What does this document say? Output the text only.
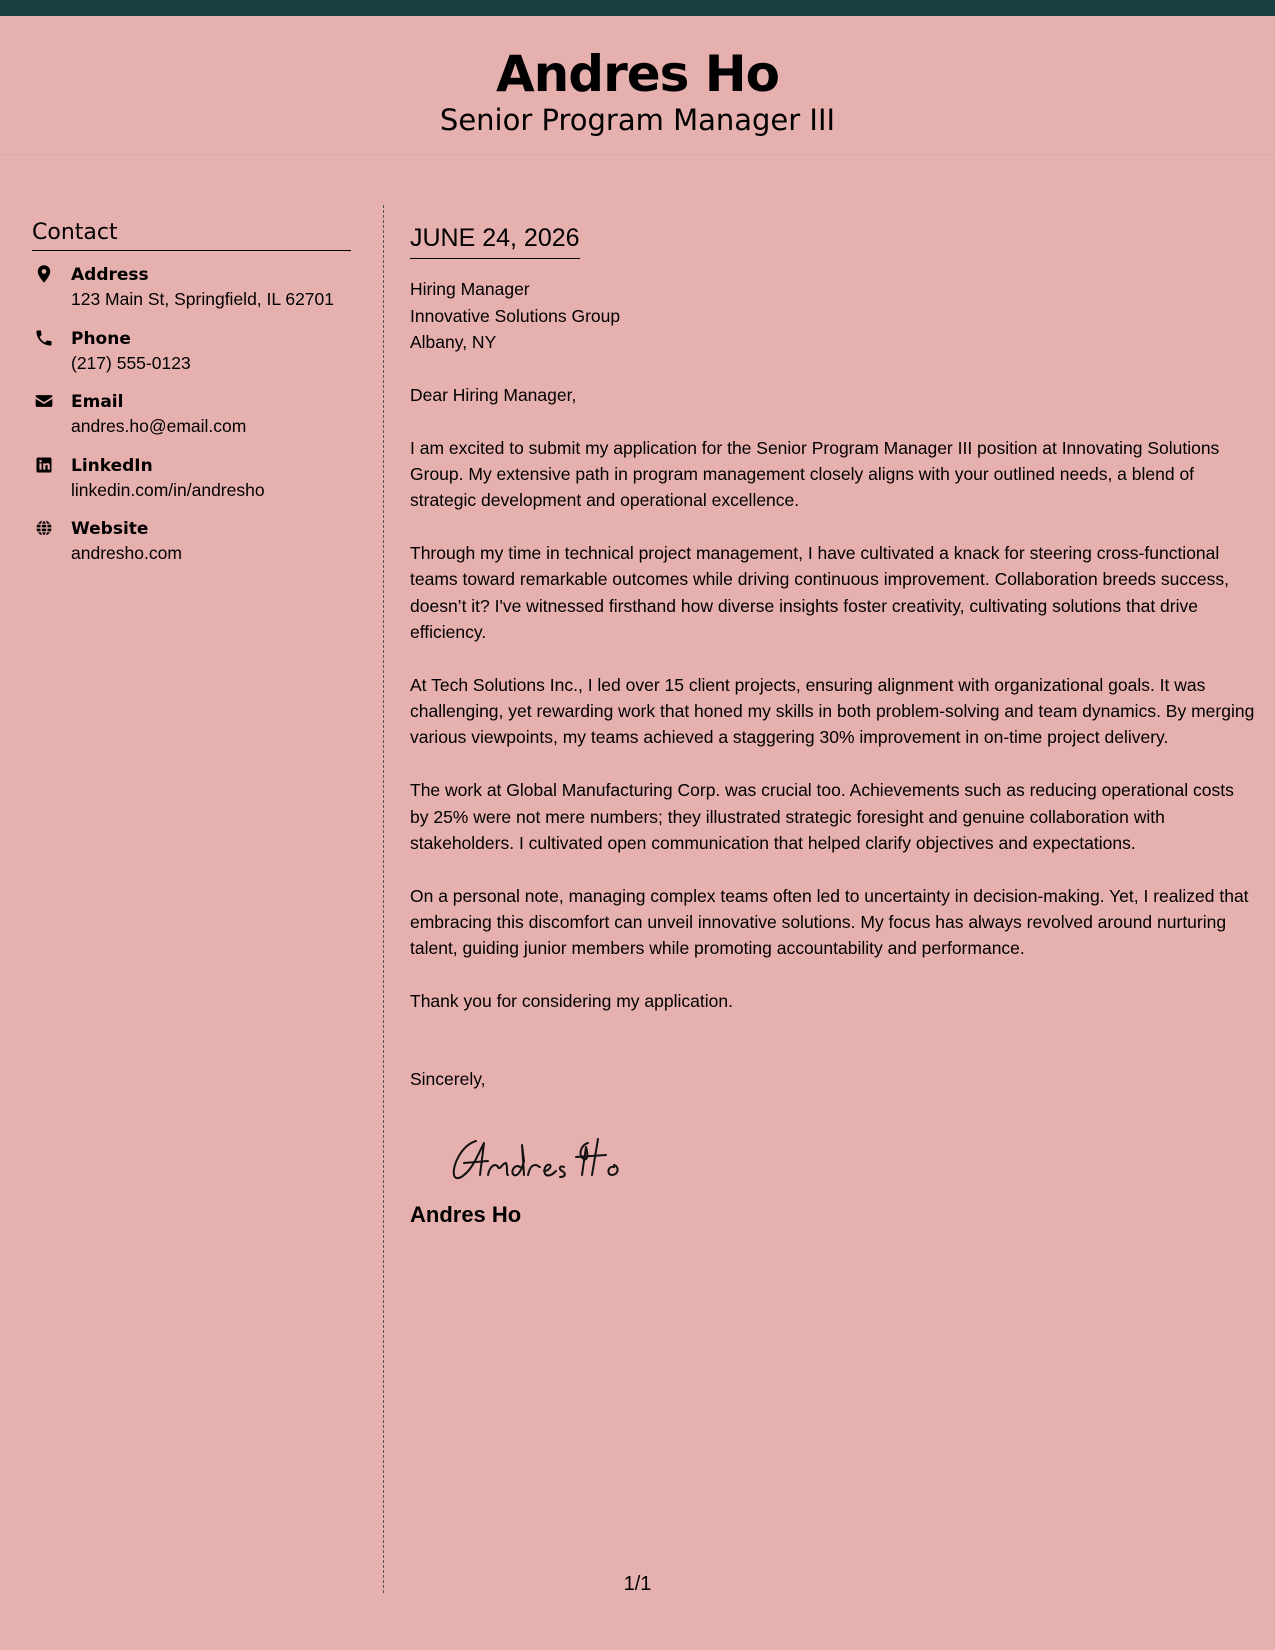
Andres Ho
Senior Program Manager III
Contact
Address
123 Main St, Springfield, IL 62701
Phone
(217) 555-0123
Email
andres.ho@email.com
LinkedIn
linkedin.com/in/andresho
Website
andresho.com
JUNE 24, 2026
Hiring Manager
Innovative Solutions Group
Albany, NY

Dear Hiring Manager,

I am excited to submit my application for the Senior Program Manager III position at Innovating Solutions Group. My extensive path in program management closely aligns with your outlined needs, a blend of strategic development and operational excellence.

Through my time in technical project management, I have cultivated a knack for steering cross-functional teams toward remarkable outcomes while driving continuous improvement. Collaboration breeds success, doesn’t it? I've witnessed firsthand how diverse insights foster creativity, cultivating solutions that drive efficiency.

At Tech Solutions Inc., I led over 15 client projects, ensuring alignment with organizational goals. It was challenging, yet rewarding work that honed my skills in both problem-solving and team dynamics. By merging various viewpoints, my teams achieved a staggering 30% improvement in on-time project delivery.

The work at Global Manufacturing Corp. was crucial too. Achievements such as reducing operational costs by 25% were not mere numbers; they illustrated strategic foresight and genuine collaboration with stakeholders. I cultivated open communication that helped clarify objectives and expectations.

On a personal note, managing complex teams often led to uncertainty in decision-making. Yet, I realized that embracing this discomfort can unveil innovative solutions. My focus has always revolved around nurturing talent, guiding junior members while promoting accountability and performance.

Thank you for considering my application.

Sincerely,
Andres Ho
1/1
